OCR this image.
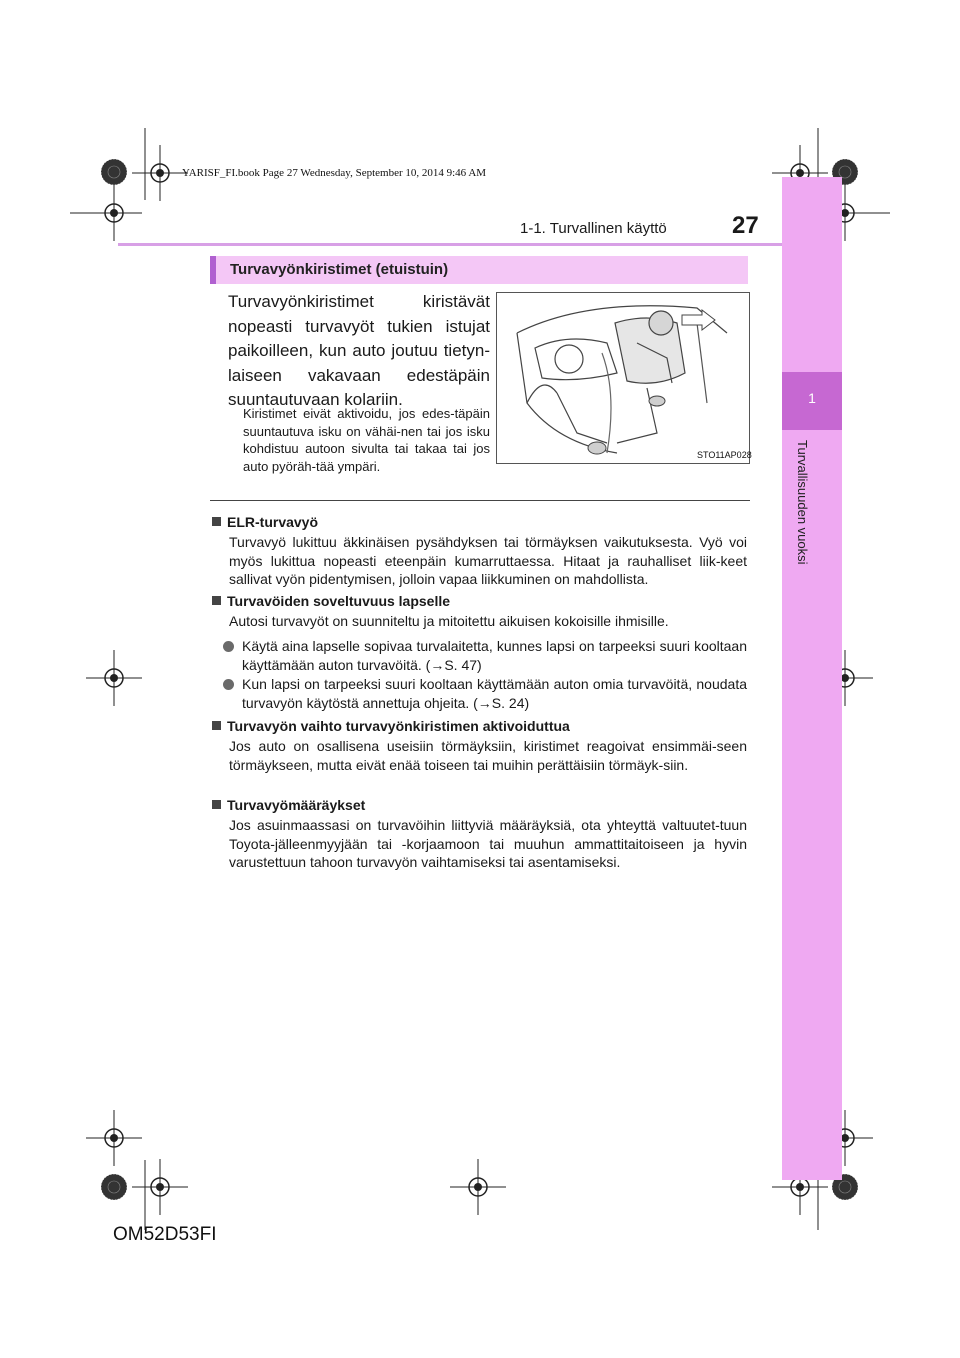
YARISF_FI.book Page 27 Wednesday, September 10, 2014 9:46 AM
1
Turvallisuuden vuoksi
1-1. Turvallinen käyttö	27
Turvavyönkiristimet (etuistuin)
Turvavyönkiristimet kiristävät nopeasti turvavyöt tukien istujat paikoilleen, kun auto joutuu tietyn-laiseen vakavaan edestäpäin suuntautuvaan kolariin.
Kiristimet eivät aktivoidu, jos edes-täpäin suuntautuva isku on vähäi-nen tai jos isku kohdistuu autoon sivulta tai takaa tai jos auto pyöräh-tää ympäri.
STO11AP028
ELR-turvavyö
Turvavyö lukittuu äkkinäisen pysähdyksen tai törmäyksen vaikutuksesta. Vyö voi myös lukittua nopeasti eteenpäin kumarruttaessa. Hitaat ja rauhalliset liik-keet sallivat vyön pidentymisen, jolloin vapaa liikkuminen on mahdollista.
Turvavöiden soveltuvuus lapselle
Autosi turvavyöt on suunniteltu ja mitoitettu aikuisen kokoisille ihmisille.
Käytä aina lapselle sopivaa turvalaitetta, kunnes lapsi on tarpeeksi suuri kooltaan käyttämään auton turvavöitä. (→S. 47)
Kun lapsi on tarpeeksi suuri kooltaan käyttämään auton omia turvavöitä, noudata turvavyön käytöstä annettuja ohjeita. (→S. 24)
Turvavyön vaihto turvavyönkiristimen aktivoiduttua
Jos auto on osallisena useisiin törmäyksiin, kiristimet reagoivat ensimmäi-seen törmäykseen, mutta eivät enää toiseen tai muihin perättäisiin törmäyk-siin.
Turvavyömääräykset
Jos asuinmaassasi on turvavöihin liittyviä määräyksiä, ota yhteyttä valtuutet-tuun Toyota-jälleenmyyjään tai -korjaamoon tai muuhun ammattitaitoiseen ja hyvin varustettuun tahoon turvavyön vaihtamiseksi tai asentamiseksi.
OM52D53FI
